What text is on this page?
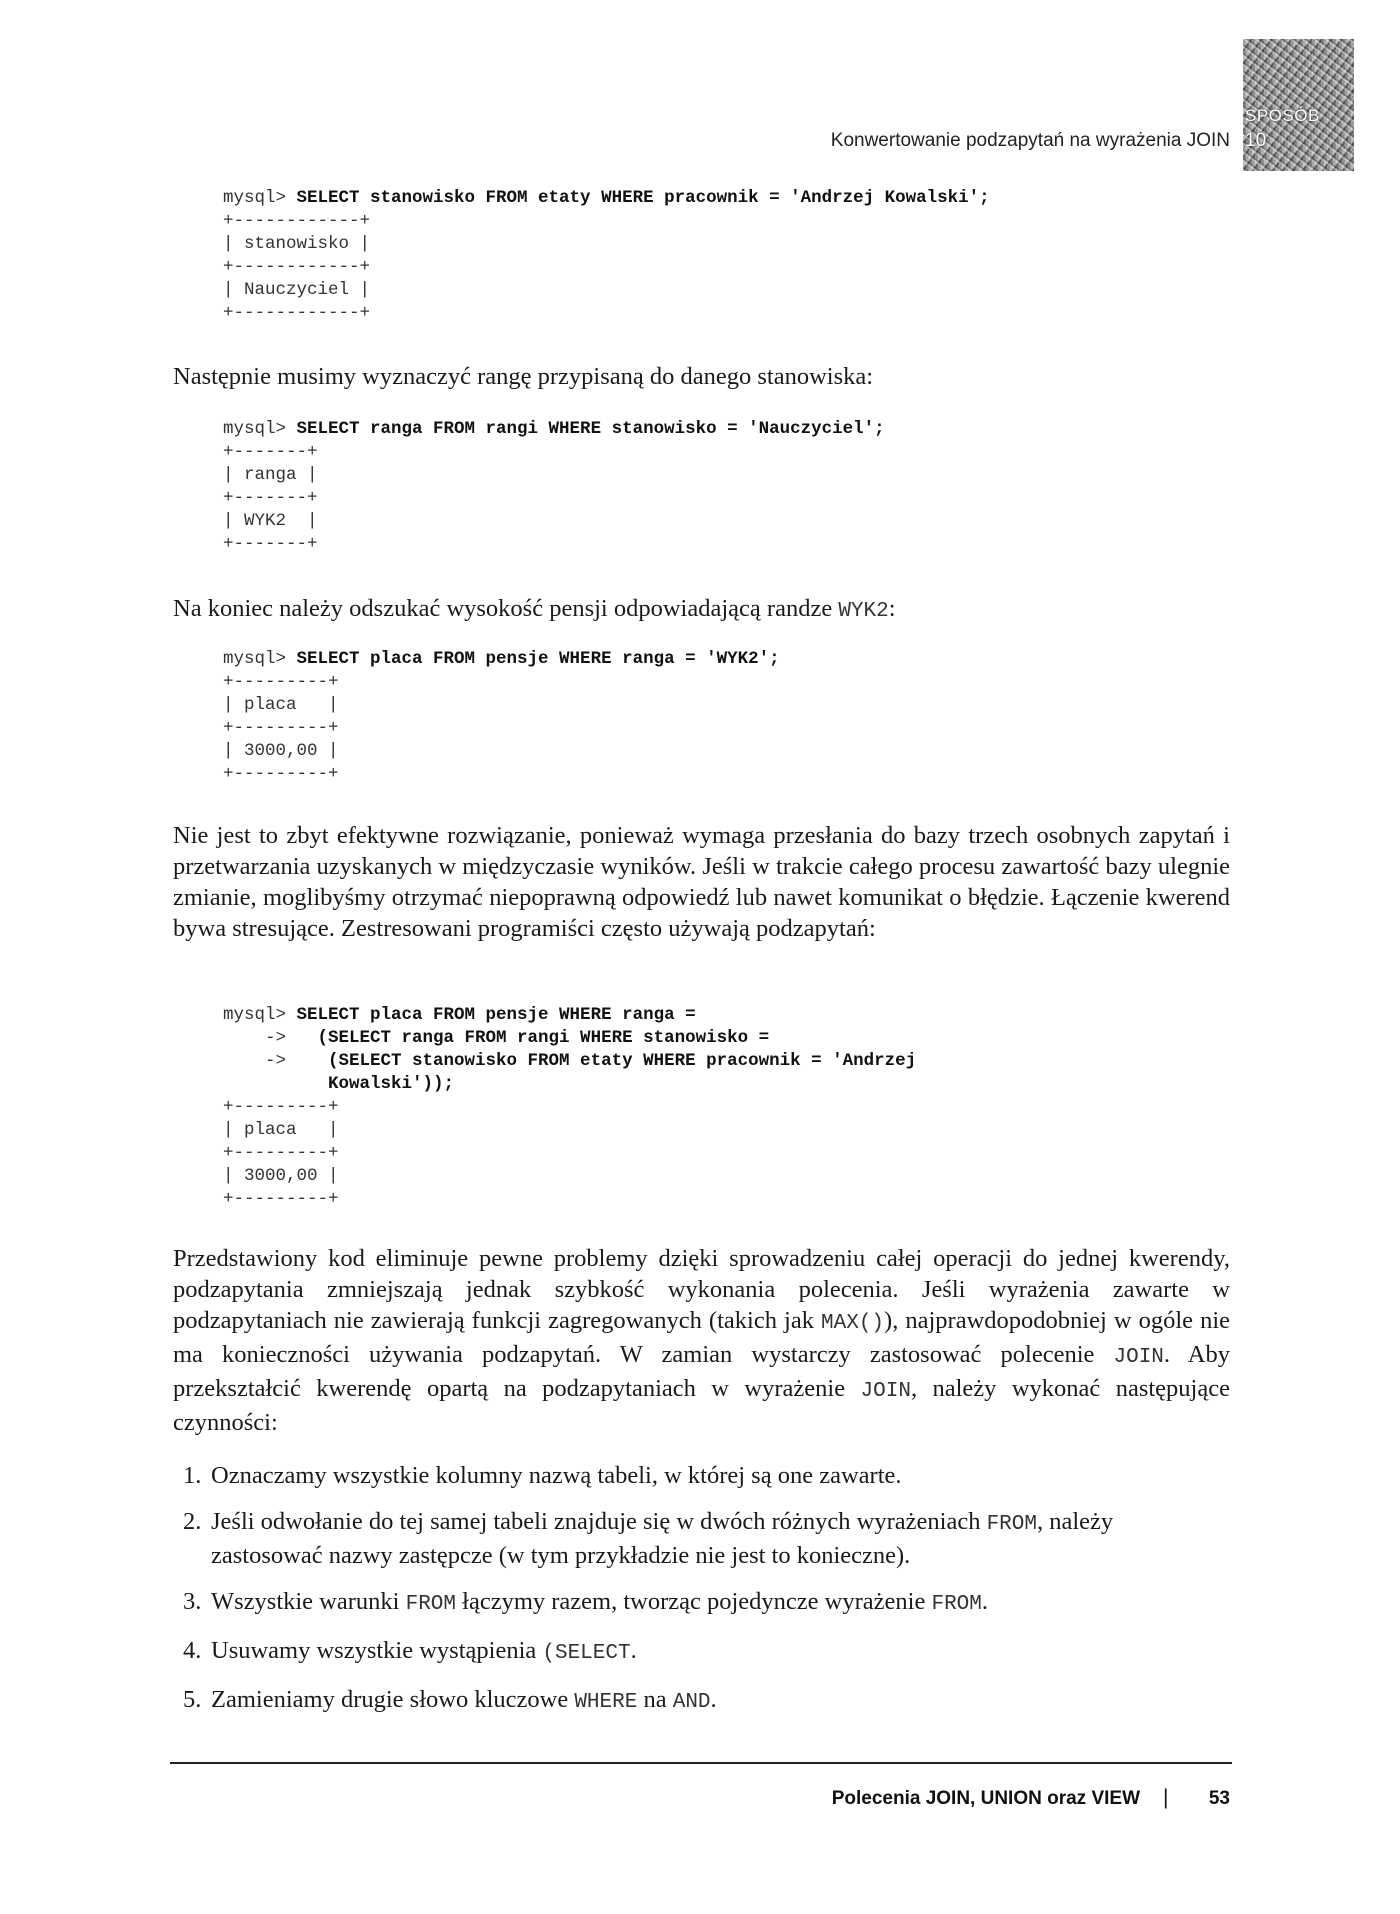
Konwertowanie podzapytań na wyrażenia JOIN
SPOSÓB
10
mysql> SELECT stanowisko FROM etaty WHERE pracownik = 'Andrzej Kowalski';
+------------+
| stanowisko |
+------------+
| Nauczyciel |
+------------+

Następnie musimy wyznaczyć rangę przypisaną do danego stanowiska:

mysql> SELECT ranga FROM rangi WHERE stanowisko = 'Nauczyciel';
+-------+
| ranga |
+-------+
| WYK2  |
+-------+

Na koniec należy odszukać wysokość pensji odpowiadającą randze WYK2:

mysql> SELECT placa FROM pensje WHERE ranga = 'WYK2';
+---------+
| placa   |
+---------+
| 3000,00 |
+---------+

Nie jest to zbyt efektywne rozwiązanie, ponieważ wymaga przesłania do bazy trzech osobnych zapytań i przetwarzania uzyskanych w międzyczasie wyników. Jeśli w trakcie całego procesu zawartość bazy ulegnie zmianie, moglibyśmy otrzymać niepoprawną odpowiedź lub nawet komunikat o błędzie. Łączenie kwerend bywa stresujące. Zestresowani programiści często używają podzapytań:

mysql> SELECT placa FROM pensje WHERE ranga =
->   (SELECT ranga FROM rangi WHERE stanowisko =
->    (SELECT stanowisko FROM etaty WHERE pracownik = 'Andrzej
Kowalski'));
+---------+
| placa   |
+---------+
| 3000,00 |
+---------+

Przedstawiony kod eliminuje pewne problemy dzięki sprowadzeniu całej operacji do jednej kwerendy, podzapytania zmniejszają jednak szybkość wykonania polecenia. Jeśli wyrażenia zawarte w podzapytaniach nie zawierają funkcji zagregowanych (takich jak MAX()), najprawdopodobniej w ogóle nie ma konieczności używania podzapytań. W zamian wystarczy zastosować polecenie JOIN. Aby przekształcić kwerendę opartą na podzapytaniach w wyrażenie JOIN, należy wykonać następujące czynności:

1. Oznaczamy wszystkie kolumny nazwą tabeli, w której są one zawarte.
2. Jeśli odwołanie do tej samej tabeli znajduje się w dwóch różnych wyrażeniach FROM, należy zastosować nazwy zastępcze (w tym przykładzie nie jest to konieczne).
3. Wszystkie warunki FROM łączymy razem, tworząc pojedyncze wyrażenie FROM.
4. Usuwamy wszystkie wystąpienia (SELECT.
5. Zamieniamy drugie słowo kluczowe WHERE na AND.
Polecenia JOIN, UNION oraz VIEW |	53
